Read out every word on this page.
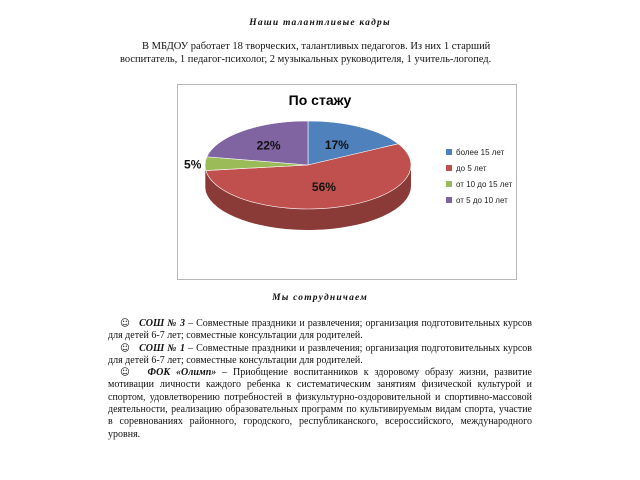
Наши талантливые кадры
В МБДОУ работает 18 творческих, талантливых педагогов. Из них 1 старший
воспитатель, 1 педагог-психолог, 2 музыкальных руководителя, 1 учитель-логопед.
17%
56%
5%
22%
По стажу
более 15 лет
до 5 лет
от 10 до 15 лет
от 5 до 10 лет
Мы сотрудничаем

☺ СОШ № 3 – Совместные праздники и развлечения; организация подготовительных курсов для детей 6-7 лет; совместные консультации для родителей.

☺ СОШ № 1 – Совместные праздники и развлечения; организация подготовительных курсов для детей 6-7 лет; совместные консультации для родителей.

☺ ФОК «Олимп» – Приобщение воспитанников к здоровому образу жизни, развитие мотивации личности каждого ребенка к систематическим занятиям физической культурой и спортом, удовлетворению потребностей в физкультурно-оздоровительной и спортивно-массовой деятельности, реализацию образовательных программ по культивируемым видам спорта, участие в соревнованиях районного, городского, республиканского, всероссийского, международного уровня.
